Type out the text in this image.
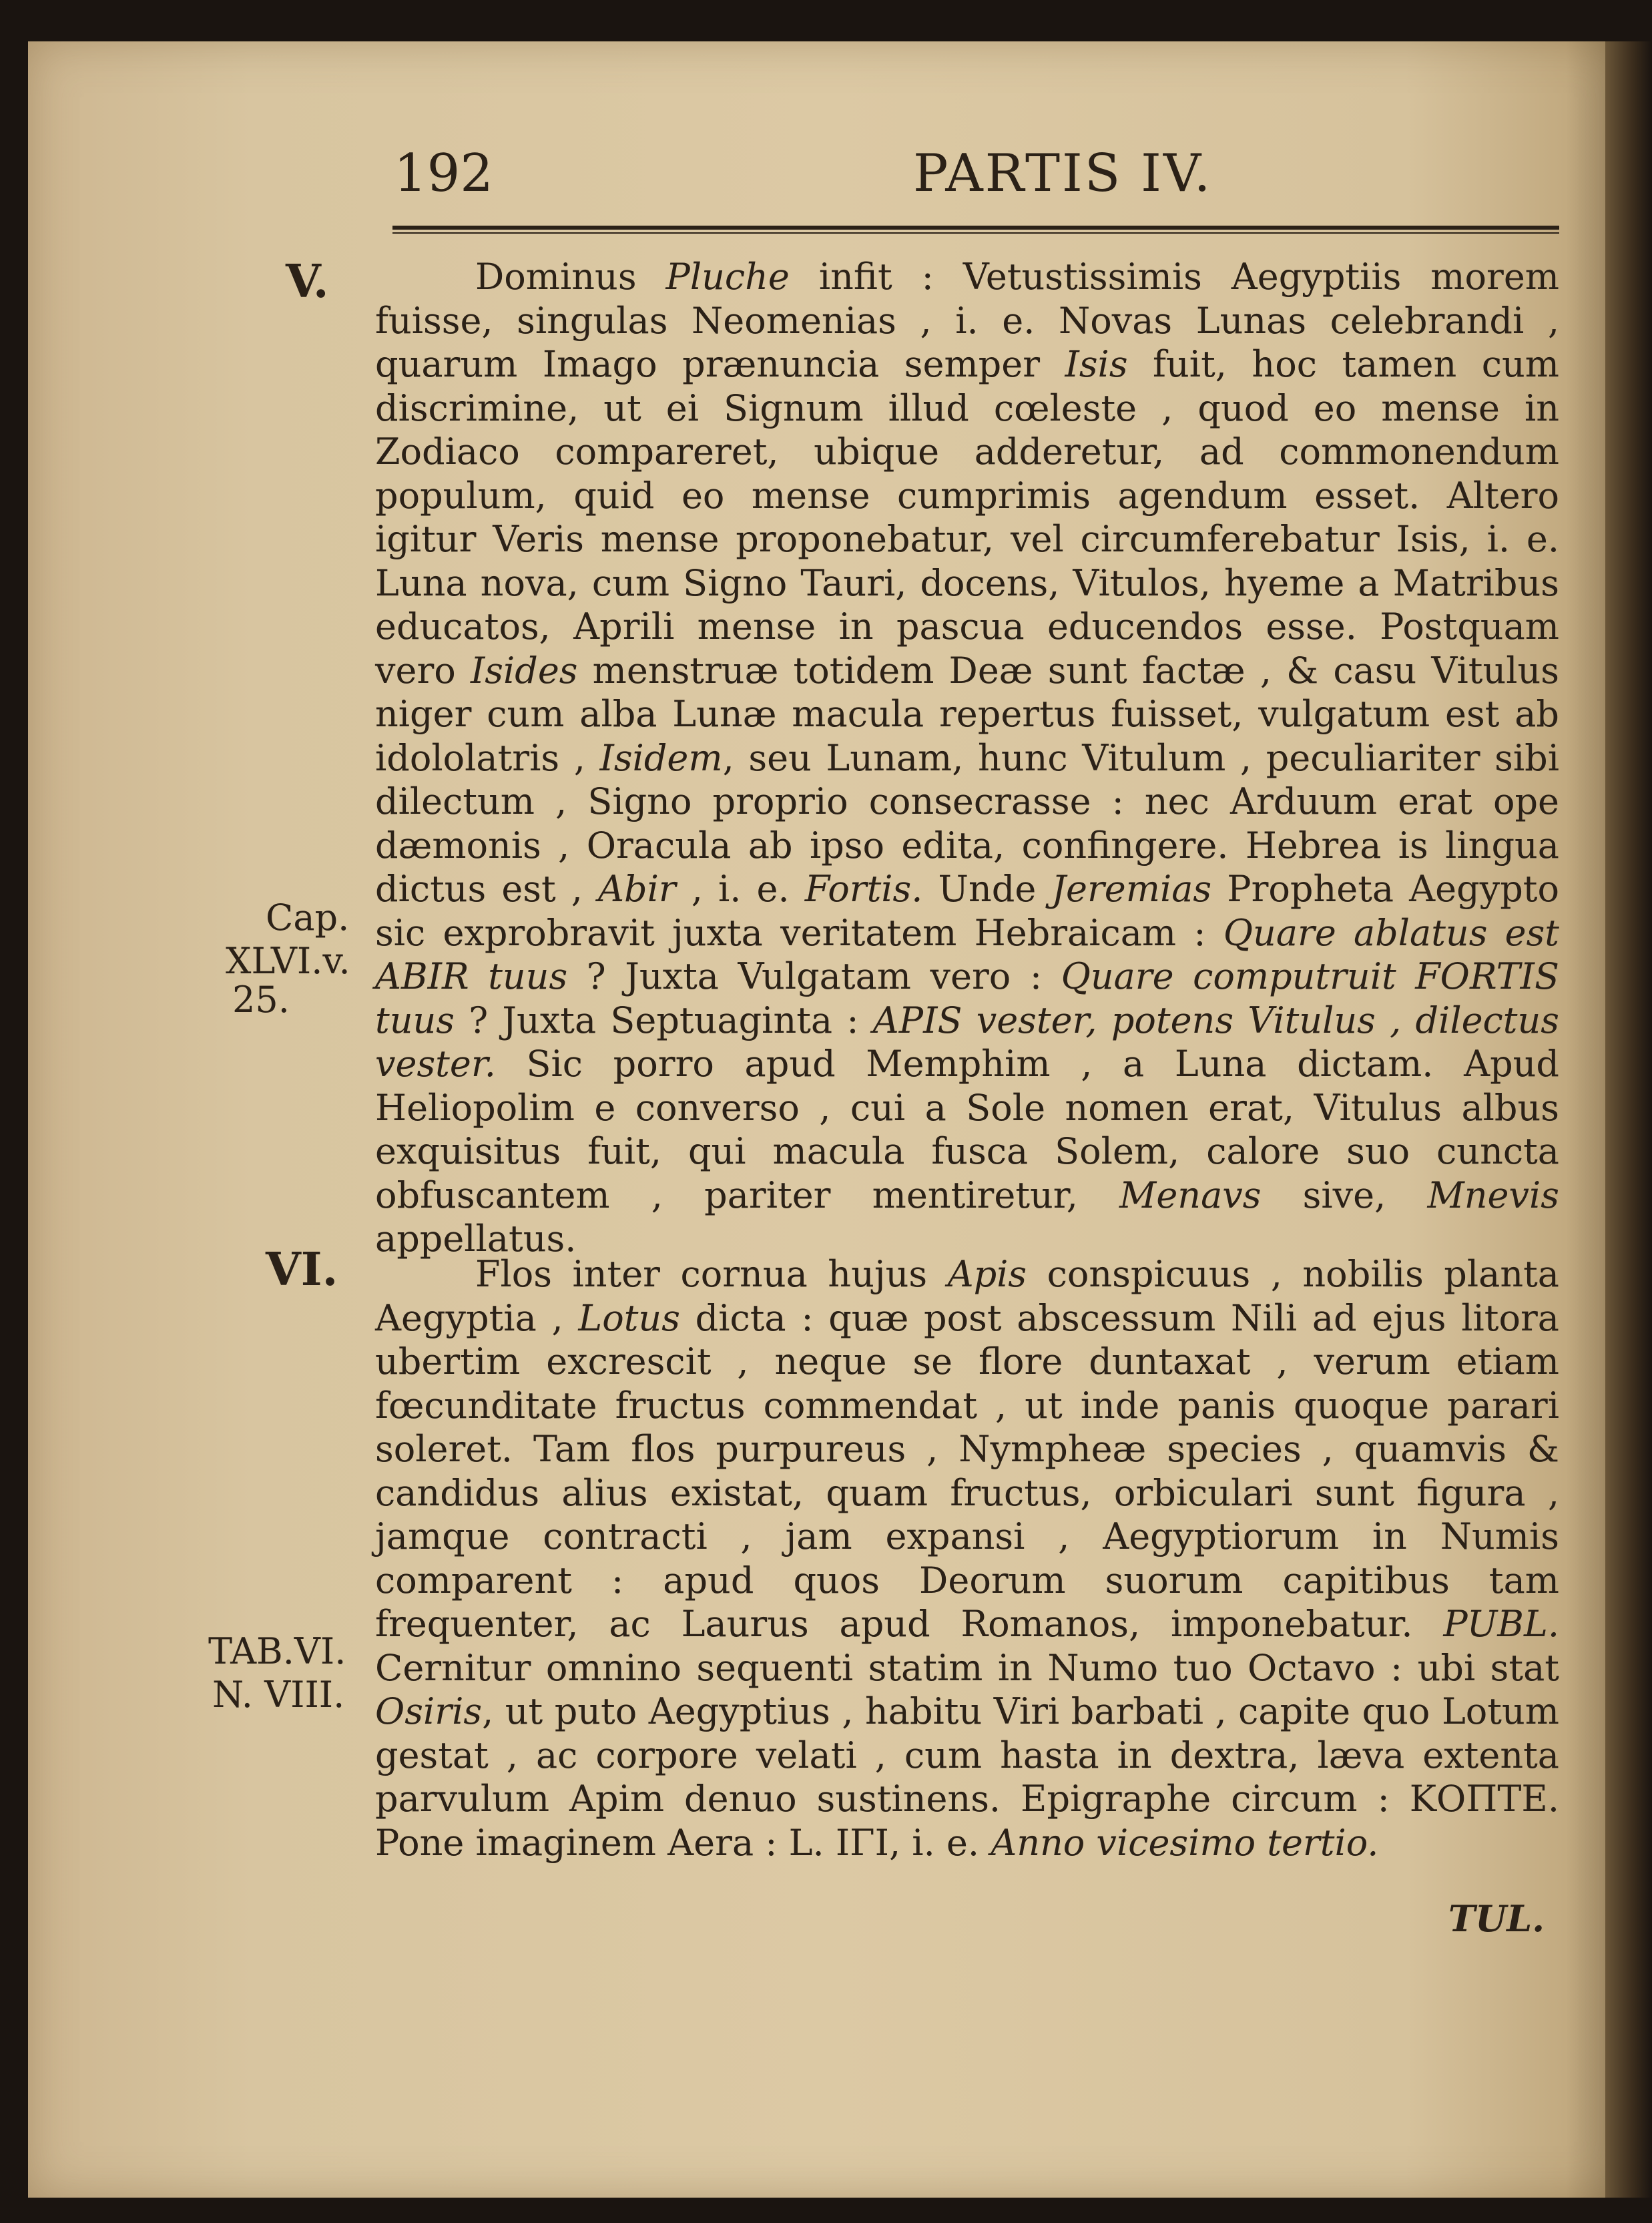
192	PARTIS IV.
V.	Dominus Pluche infit : Vetustissimis Aegyptiis morem fuisse, singulas Neomenias , i. e. Novas Lunas celebrandi , quarum Imago prænuncia semper Isis fuit, hoc tamen cum discrimine, ut ei Signum illud cœleste , quod eo mense in Zodiaco compareret, ubique adderetur, ad commonendum populum, quid eo mense cumprimis agendum esset. Altero igitur Veris mense proponebatur, vel circumferebatur Isis, i. e. Luna nova, cum Signo Tauri, docens, Vitulos, hyeme a Matribus educatos, Aprili mense in pascua educendos esse. Postquam vero Isides menstruæ totidem Deæ sunt factæ , & casu Vitulus niger cum alba Lunæ macula repertus fuisset, vulgatum est ab idololatris , Isidem, seu Lunam, hunc Vitulum , peculiariter sibi dilectum , Signo proprio consecrasse : nec Arduum erat ope dæmonis , Oracula ab ipso edita, confingere. Hebrea is lingua dictus est , Abir , i. e. Fortis. Unde Jeremias Propheta Aegypto sic exprobravit juxta veritatem Hebraicam : Quare ablatus est ABIR tuus ? Juxta Vulgatam vero : Quare computruit FORTIS tuus ? Juxta Septuaginta : APIS vester, potens Vitulus , dilectus vester. Sic porro apud Memphim , a Luna dictam. Apud Heliopolim e converso , cui a Sole nomen erat, Vitulus albus exquisitus fuit, qui macula fusca Solem, calore suo cuncta obfuscantem , pariter mentiretur, Menavs sive, Mnevis appellatus.

Cap.
XLVI.v.
25.
VI.	Flos inter cornua hujus Apis conspicuus , nobilis planta Aegyptia , Lotus dicta : quæ post abscessum Nili ad ejus litora ubertim excrescit , neque se flore duntaxat , verum etiam fœcunditate fructus commendat , ut inde panis quoque parari soleret. Tam flos purpureus , Nympheæ species , quamvis & candidus alius existat, quam fructus, orbiculari sunt figura , jamque contracti , jam expansi , Aegyptiorum in Numis comparent : apud quos Deorum suorum capitibus tam frequenter, ac Laurus apud Romanos, imponebatur. PUBL. Cernitur omnino sequenti statim in Numo tuo Octavo : ubi stat Osiris, ut puto Aegyptius , habitu Viri barbati , capite quo Lotum gestat , ac corpore velati , cum hasta in dextra, læva extenta parvulum Apim denuo sustinens. Epigraphe circum : ΚΟΠΤΕ. Pone imaginem Aera : L. ΙΓΙ, i. e. Anno vicesimo tertio.

TAB.VI.
N. VIII.
TUL.
